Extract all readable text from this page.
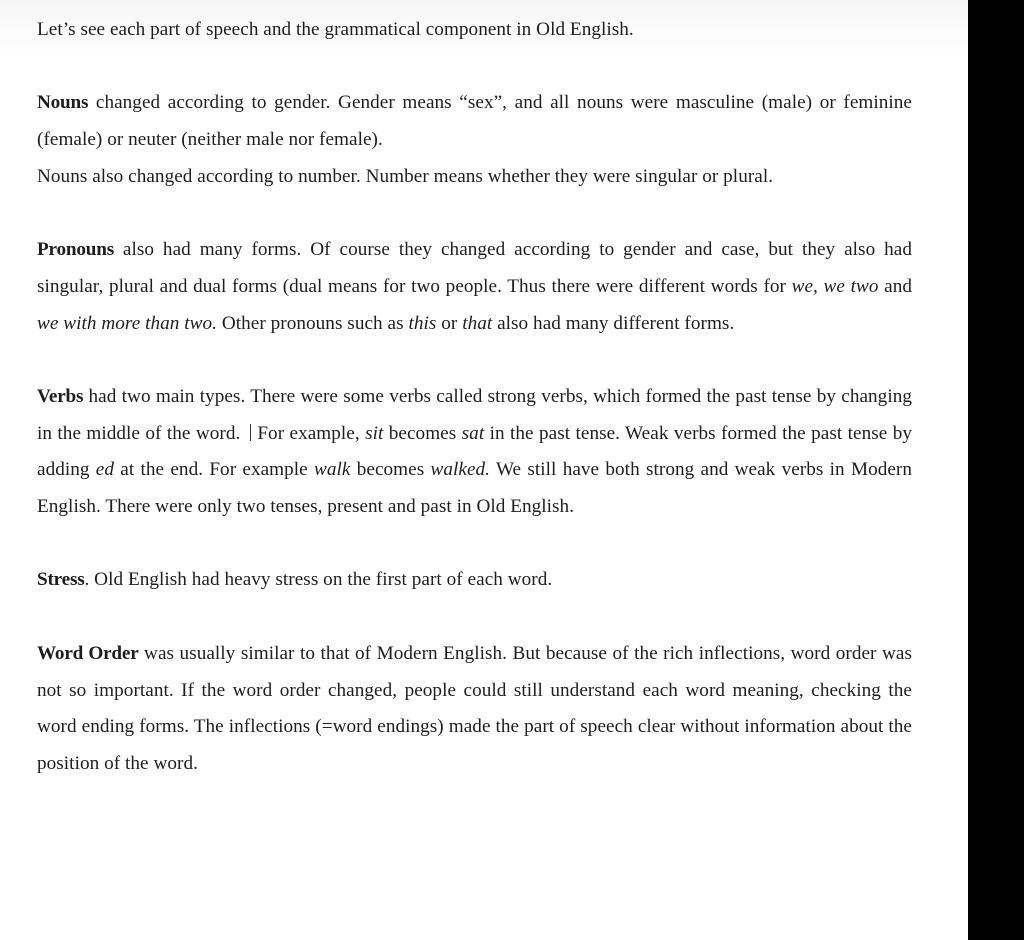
Let’s see each part of speech and the grammatical component in Old English.

Nouns changed according to gender. Gender means “sex”, and all nouns were masculine (male) or feminine (female) or neuter (neither male nor female).
Nouns also changed according to number. Number means whether they were singular or plural.

Pronouns also had many forms. Of course they changed according to gender and case, but they also had singular, plural and dual forms (dual means for two people. Thus there were different words for we, we two and we with more than two. Other pronouns such as this or that also had many different forms.

Verbs had two main types. There were some verbs called strong verbs, which formed the past tense by changing in the middle of the word. For example, sit becomes sat in the past tense. Weak verbs formed the past tense by adding ed at the end. For example walk becomes walked. We still have both strong and weak verbs in Modern English. There were only two tenses, present and past in Old English.

Stress. Old English had heavy stress on the first part of each word.

Word Order was usually similar to that of Modern English. But because of the rich inflections, word order was not so important. If the word order changed, people could still understand each word meaning, checking the word ending forms. The inflections (=word endings) made the part of speech clear without information about the position of the word.
